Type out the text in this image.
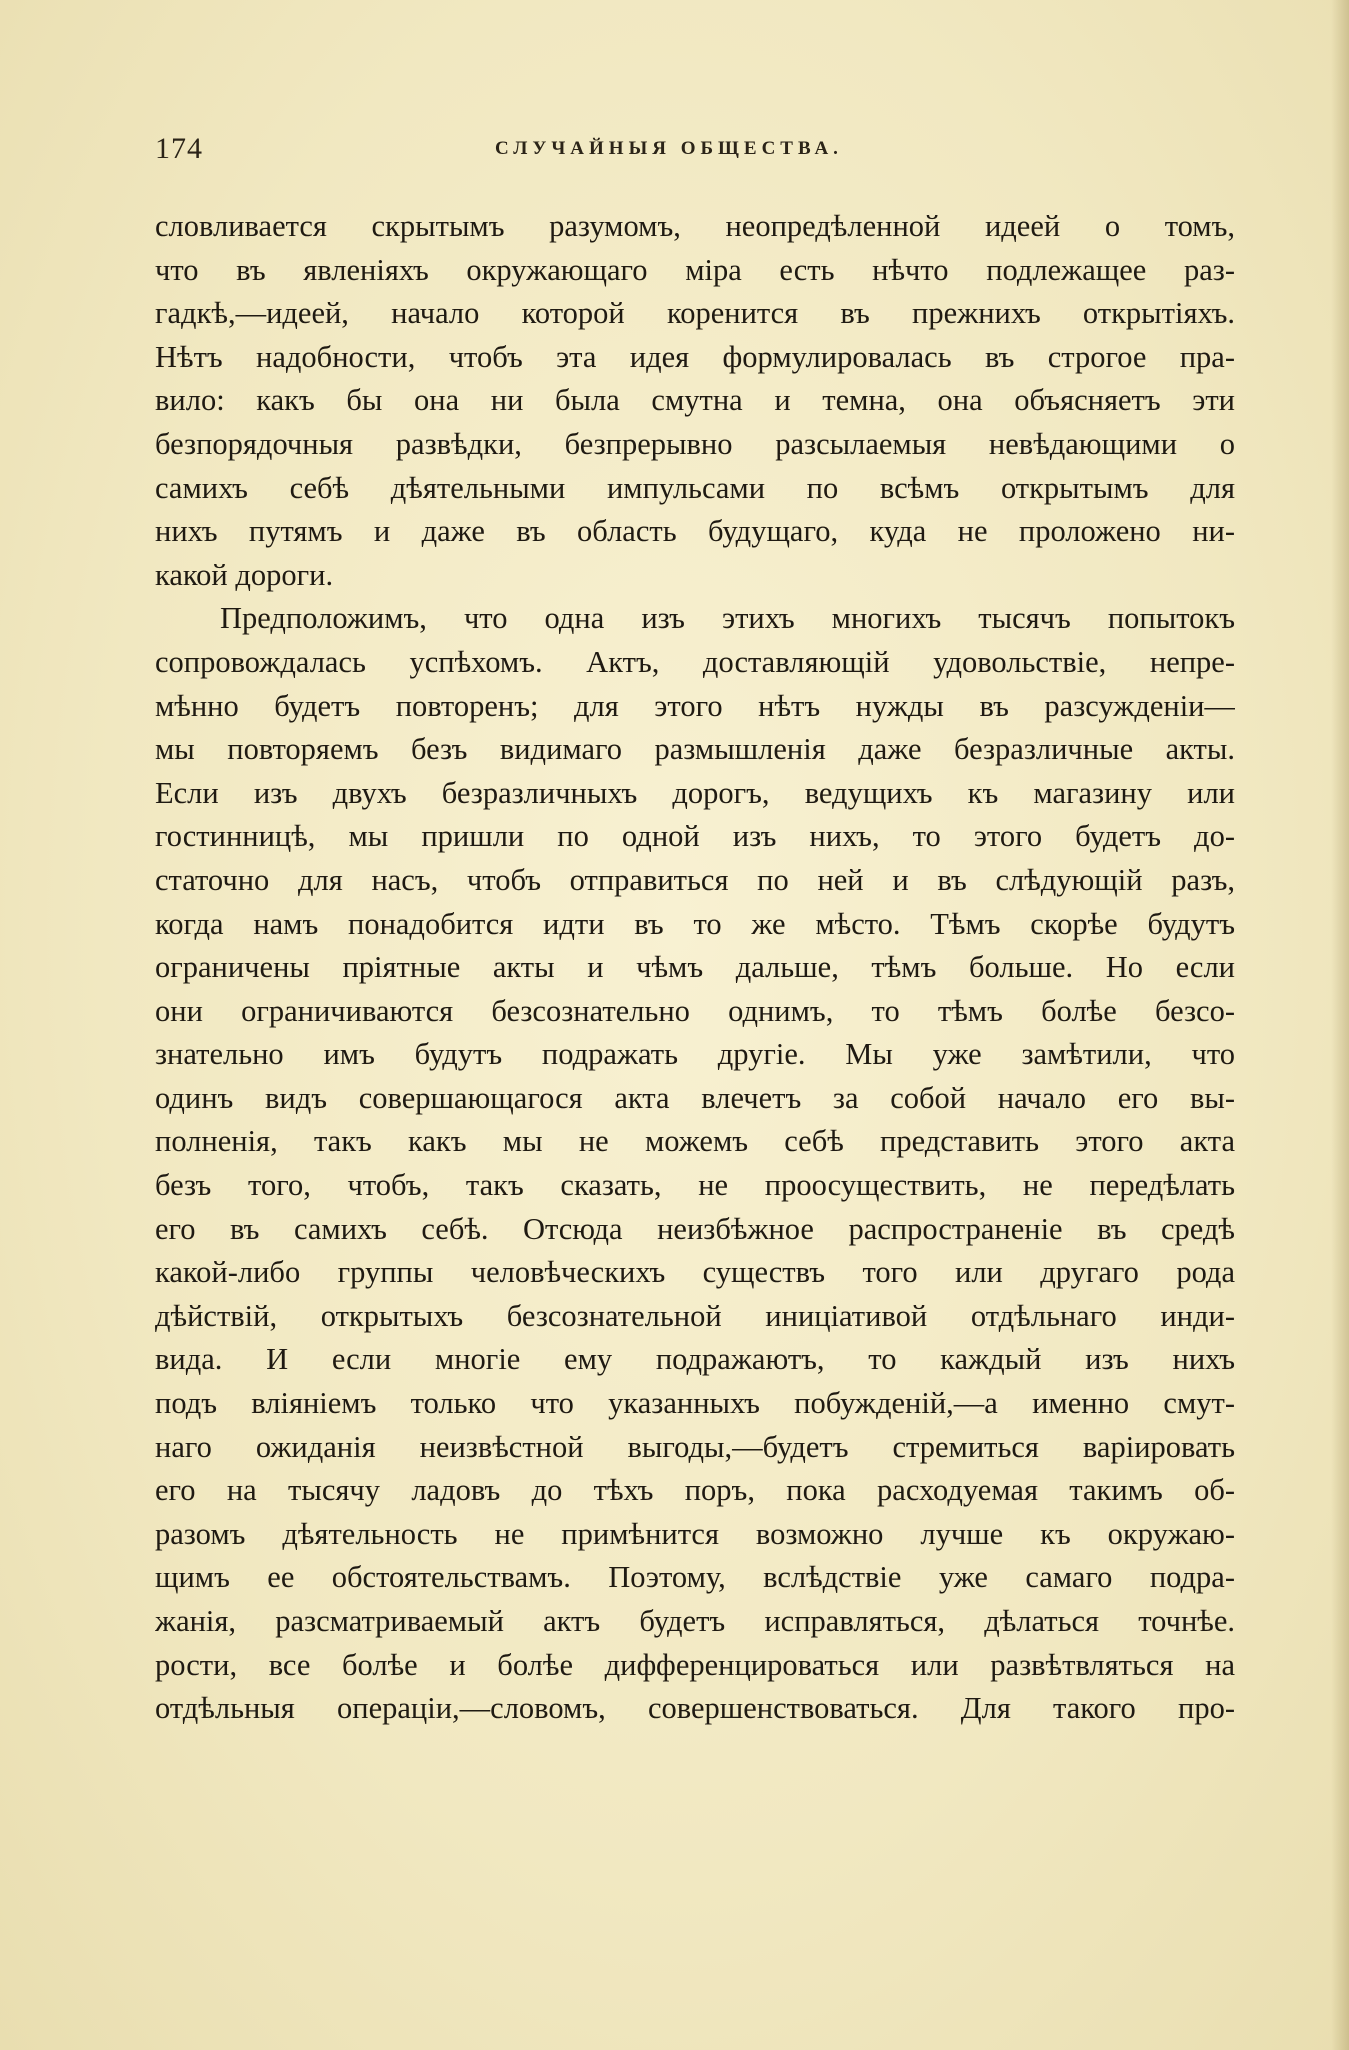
174	СЛУЧАЙНЫЯ ОБЩЕСТВА.
словливается скрытымъ разумомъ, неопредѣленной идеей о томъ,
что въ явленіяхъ окружающаго міра есть нѣчто подлежащее раз-
гадкѣ,—идеей, начало которой коренится въ прежнихъ открытіяхъ.
Нѣтъ надобности, чтобъ эта идея формулировалась въ строгое пра-
вило: какъ бы она ни была смутна и темна, она объясняетъ эти
безпорядочныя развѣдки, безпрерывно разсылаемыя невѣдающими о
самихъ себѣ дѣятельными импульсами по всѣмъ открытымъ для
нихъ путямъ и даже въ область будущаго, куда не проложено ни-
какой дороги.
Предположимъ, что одна изъ этихъ многихъ тысячъ попытокъ
сопровождалась успѣхомъ. Актъ, доставляющій удовольствіе, непре-
мѣнно будетъ повторенъ; для этого нѣтъ нужды въ разсужденіи—
мы повторяемъ безъ видимаго размышленія даже безразличные акты.
Если изъ двухъ безразличныхъ дорогъ, ведущихъ къ магазину или
гостинницѣ, мы пришли по одной изъ нихъ, то этого будетъ до-
статочно для насъ, чтобъ отправиться по ней и въ слѣдующій разъ,
когда намъ понадобится идти въ то же мѣсто. Тѣмъ скорѣе будутъ
ограничены пріятные акты и чѣмъ дальше, тѣмъ больше. Но если
они ограничиваются безсознательно однимъ, то тѣмъ болѣе безсо-
знательно имъ будутъ подражать другіе. Мы уже замѣтили, что
одинъ видъ совершающагося акта влечетъ за собой начало его вы-
полненія, такъ какъ мы не можемъ себѣ представить этого акта
безъ того, чтобъ, такъ сказать, не проосуществить, не передѣлать
его въ самихъ себѣ. Отсюда неизбѣжное распространеніе въ средѣ
какой-либо группы человѣческихъ существъ того или другаго рода
дѣйствій, открытыхъ безсознательной иниціативой отдѣльнаго инди-
вида. И если многіе ему подражаютъ, то каждый изъ нихъ
подъ вліяніемъ только что указанныхъ побужденій,—а именно смут-
наго ожиданія неизвѣстной выгоды,—будетъ стремиться варіировать
его на тысячу ладовъ до тѣхъ поръ, пока расходуемая такимъ об-
разомъ дѣятельность не примѣнится возможно лучше къ окружаю-
щимъ ее обстоятельствамъ. Поэтому, вслѣдствіе уже самаго подра-
жанія, разсматриваемый актъ будетъ исправляться, дѣлаться точнѣе.
рости, все болѣе и болѣе дифференцироваться или развѣтвляться на
отдѣльныя операціи,—словомъ, совершенствоваться. Для такого про-
